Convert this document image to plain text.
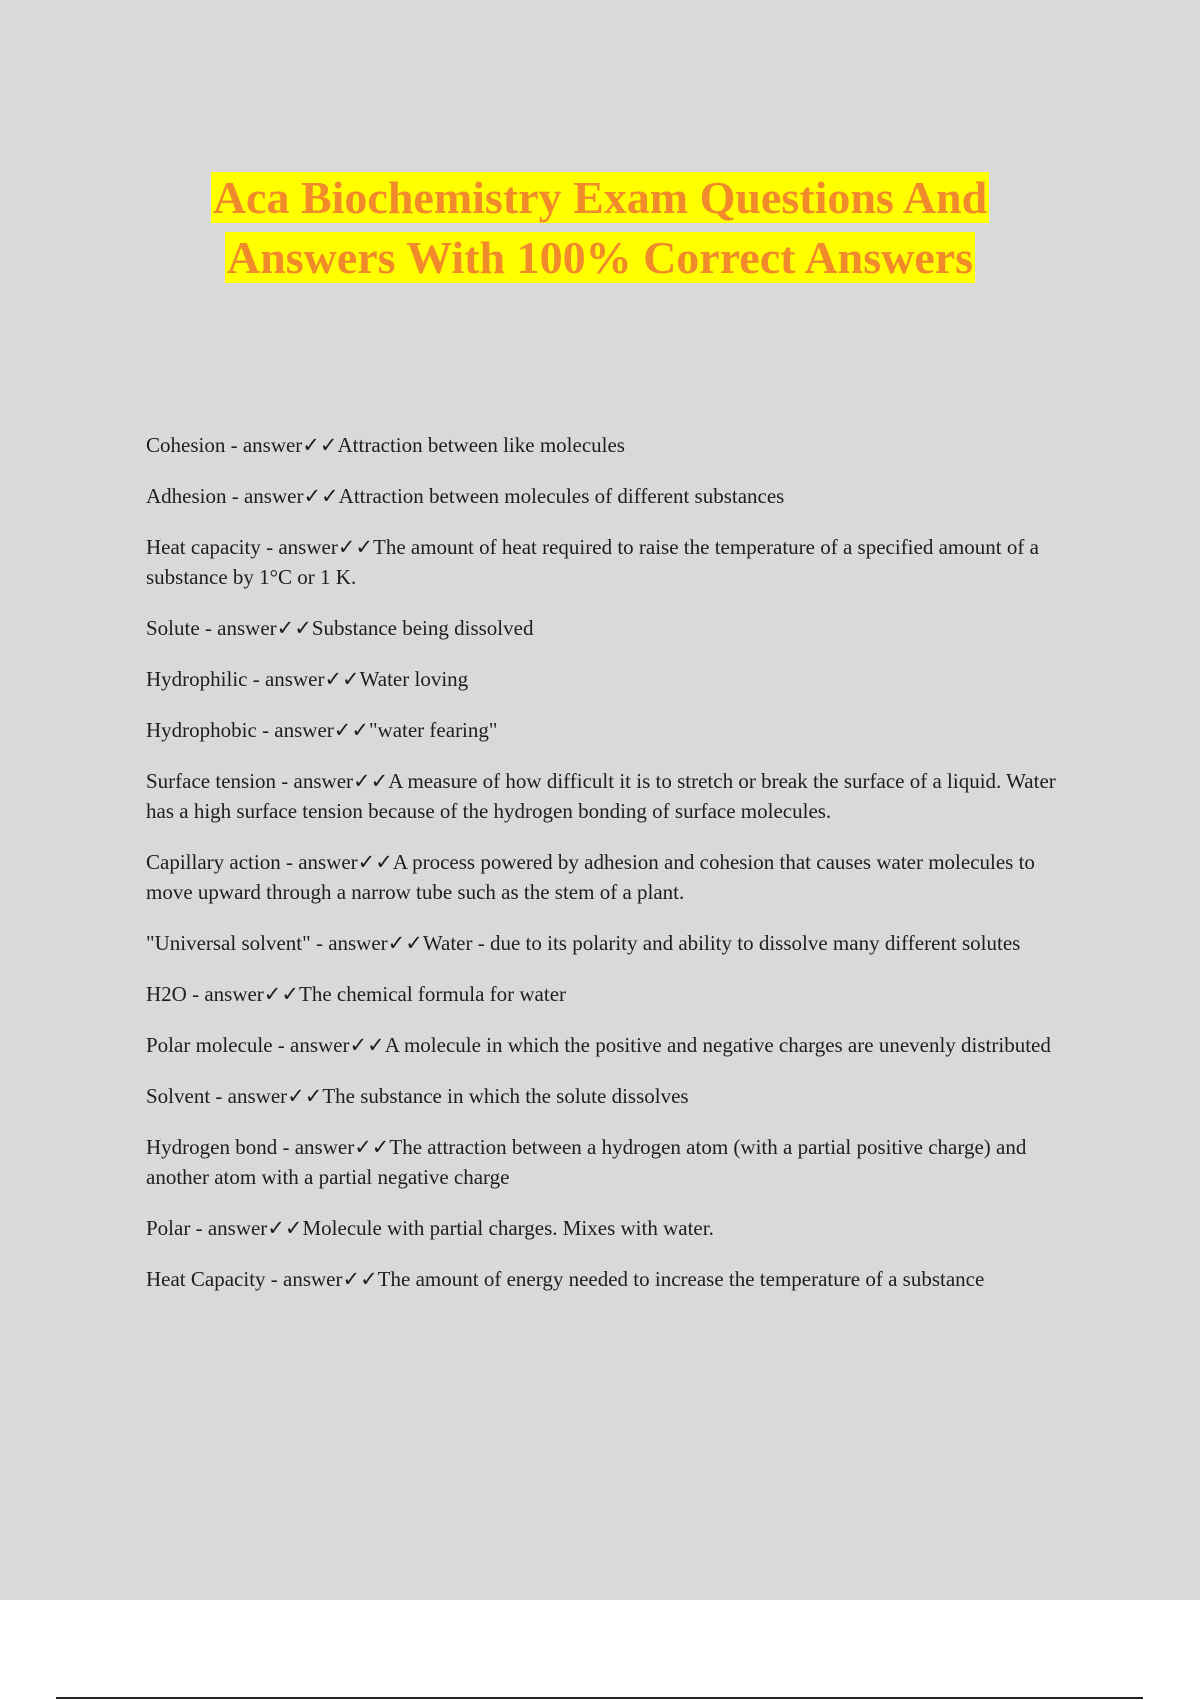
Aca Biochemistry Exam Questions And
Answers With 100% Correct Answers
Cohesion - answer✓✓Attraction between like molecules
Adhesion - answer✓✓Attraction between molecules of different substances
Heat capacity - answer✓✓The amount of heat required to raise the temperature of a specified amount of a substance by 1°C or 1 K.
Solute - answer✓✓Substance being dissolved
Hydrophilic - answer✓✓Water loving
Hydrophobic - answer✓✓"water fearing"
Surface tension - answer✓✓A measure of how difficult it is to stretch or break the surface of a liquid. Water has a high surface tension because of the hydrogen bonding of surface molecules.
Capillary action - answer✓✓A process powered by adhesion and cohesion that causes water molecules to move upward through a narrow tube such as the stem of a plant.
"Universal solvent" - answer✓✓Water - due to its polarity and ability to dissolve many different solutes
H2O - answer✓✓The chemical formula for water
Polar molecule - answer✓✓A molecule in which the positive and negative charges are unevenly distributed
Solvent - answer✓✓The substance in which the solute dissolves
Hydrogen bond - answer✓✓The attraction between a hydrogen atom (with a partial positive charge) and another atom with a partial negative charge
Polar - answer✓✓Molecule with partial charges. Mixes with water.
Heat Capacity - answer✓✓The amount of energy needed to increase the temperature of a substance
